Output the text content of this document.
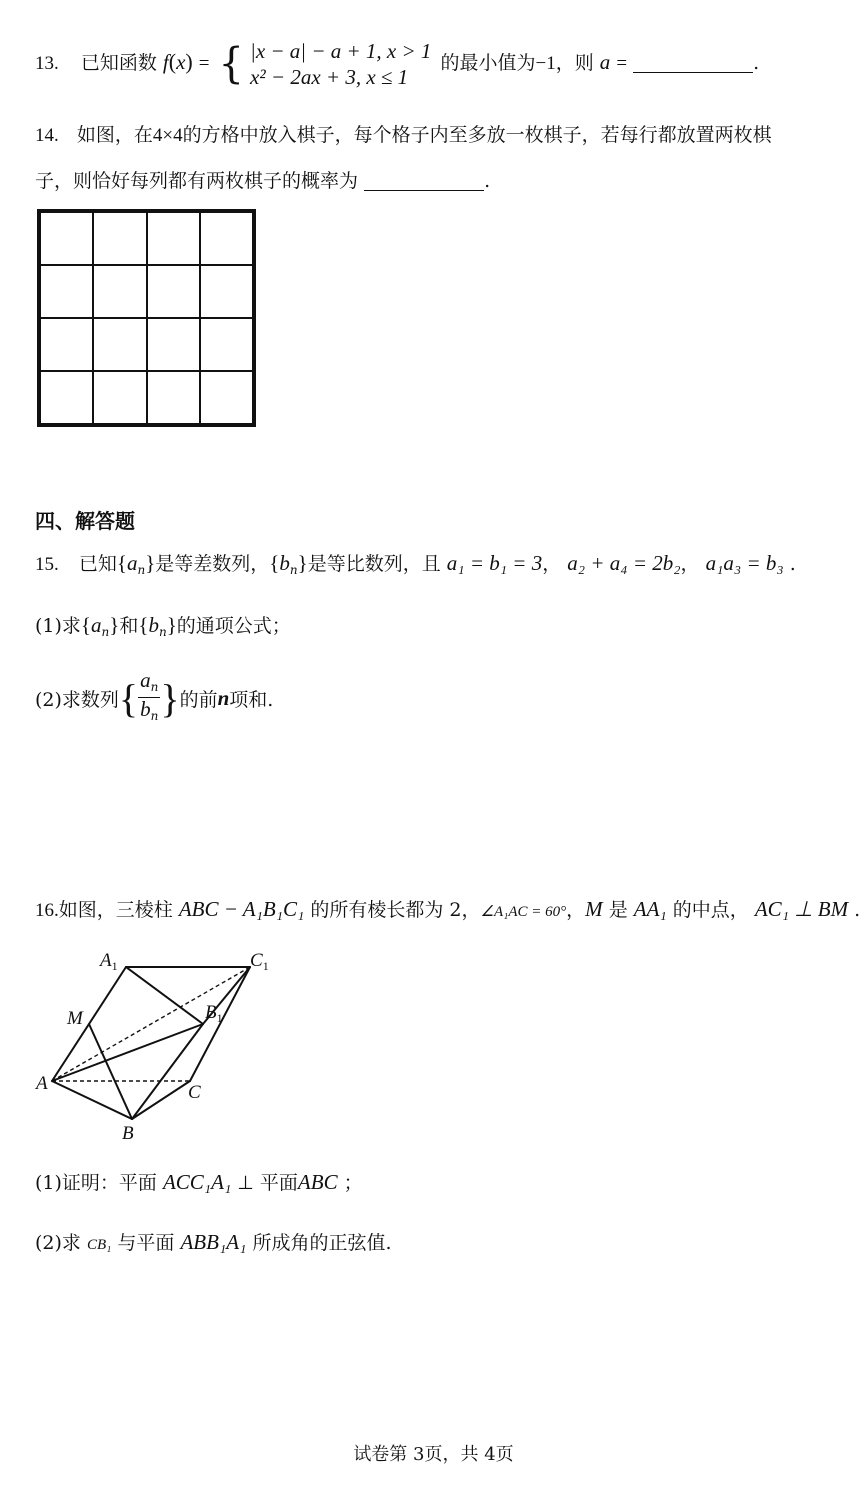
13. 已知函数 f(x) = { |x − a| − a + 1, x > 1
x² − 2ax + 3, x ≤ 1
的最小值为−1，则 a =	.
14. 如图，在4×4的方格中放入棋子，每个格子内至多放一枚棋子，若每行都放置两枚棋
子，则恰好每列都有两枚棋子的概率为	.

四、解答题
15. 已知$\{a_n\}$是等差数列，$\{b_n\}$是等比数列，且 a₁ = b₁ = 3， a₂ + a₄ = 2b₂， a₁a₃ = b₃ .
(1)求$\{a_n\}$和$\{b_n\}$的通项公式；
(2)求数列{ $\frac{a_n}{b_n}$ }的前n项和.
16.如图，三棱柱 ABC − A₁B₁C₁ 的所有棱长都为 2，∠A₁AC = 60°，M 是 AA₁ 的中点， AC₁ ⊥ BM .
$A_1$	$C_1$
$B_1$
M
A	C
B
(1)证明：平面 ACC₁A₁ ⊥ 平面ABC ；
(2)求 CB₁ 与平面 ABB₁A₁ 所成角的正弦值.
试卷第 3页，共 4页
